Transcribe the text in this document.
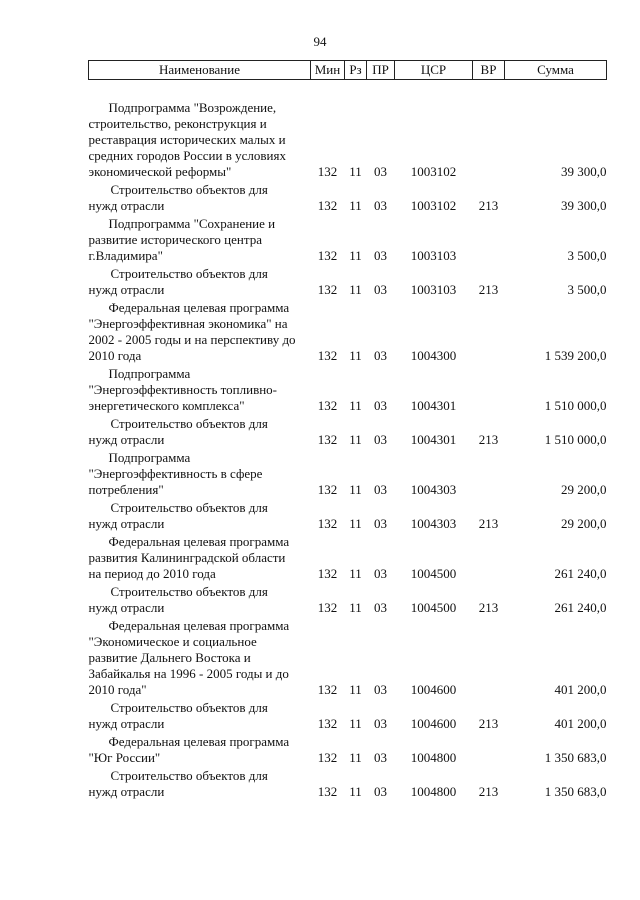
94
Наименование	Мин	Рз	ПР	ЦСР	ВР	Сумма

Подпрограмма "Возрождение,
строительство, реконструкция и
реставрация исторических малых и
средних городов России в условиях
экономической реформы"	132	11	03	1003102		39 300,0

Строительство объектов для
нужд отрасли	132	11	03	1003102	213	39 300,0

Подпрограмма "Сохранение и
развитие исторического центра
г.Владимира"	132	11	03	1003103		3 500,0

Строительство объектов для
нужд отрасли	132	11	03	1003103	213	3 500,0

Федеральная целевая программа
"Энергоэффективная экономика" на
2002 - 2005 годы и на перспективу до
2010 года	132	11	03	1004300		1 539 200,0

Подпрограмма
"Энергоэффективность топливно-
энергетического комплекса"	132	11	03	1004301		1 510 000,0

Строительство объектов для
нужд отрасли	132	11	03	1004301	213	1 510 000,0

Подпрограмма
"Энергоэффективность в сфере
потребления"	132	11	03	1004303		29 200,0

Строительство объектов для
нужд отрасли	132	11	03	1004303	213	29 200,0

Федеральная целевая программа
развития Калининградской области
на период до 2010 года	132	11	03	1004500		261 240,0

Строительство объектов для
нужд отрасли	132	11	03	1004500	213	261 240,0

Федеральная целевая программа
"Экономическое и социальное
развитие Дальнего Востока и
Забайкалья на 1996 - 2005 годы и до
2010 года"	132	11	03	1004600		401 200,0

Строительство объектов для
нужд отрасли	132	11	03	1004600	213	401 200,0

Федеральная целевая программа
"Юг России"	132	11	03	1004800		1 350 683,0

Строительство объектов для
нужд отрасли	132	11	03	1004800	213	1 350 683,0
